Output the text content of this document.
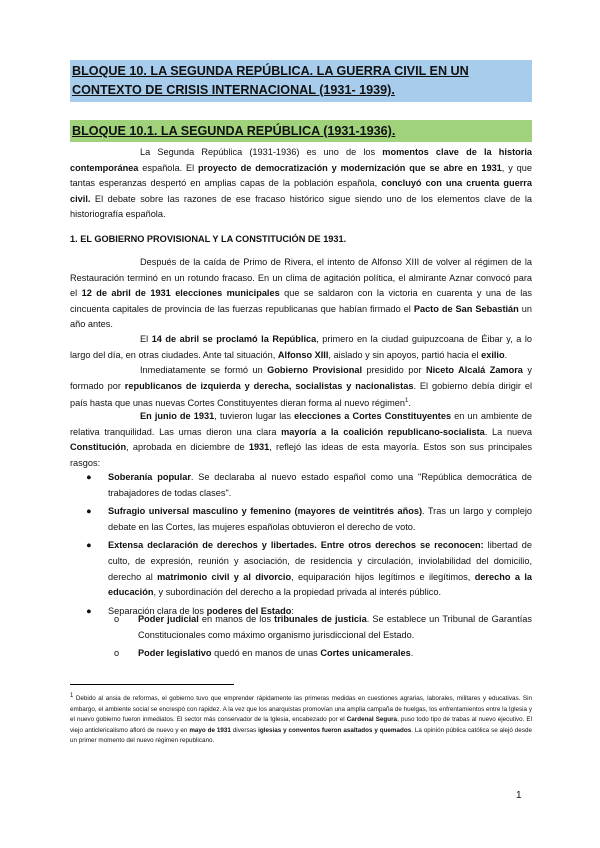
BLOQUE 10. LA SEGUNDA REPÚBLICA. LA GUERRA CIVIL EN UN CONTEXTO DE CRISIS INTERNACIONAL (1931- 1939).
BLOQUE 10.1. LA SEGUNDA REPÚBLICA (1931-1936).
La Segunda República (1931-1936) es uno de los momentos clave de la historia contemporánea española. El proyecto de democratización y modernización que se abre en 1931, y que tantas esperanzas despertó en amplias capas de la población española, concluyó con una cruenta guerra civil. El debate sobre las razones de ese fracaso histórico sigue siendo uno de los elementos clave de la historiografía española.
1. EL GOBIERNO PROVISIONAL Y LA CONSTITUCIÓN DE 1931.
Después de la caída de Primo de Rivera, el intento de Alfonso XIII de volver al régimen de la Restauración terminó en un rotundo fracaso. En un clima de agitación política, el almirante Aznar convocó para el 12 de abril de 1931 elecciones municipales que se saldaron con la victoria en cuarenta y una de las cincuenta capitales de provincia de las fuerzas republicanas que habían firmado el Pacto de San Sebastián un año antes.
El 14 de abril se proclamó la República, primero en la ciudad guipuzcoana de Éibar y, a lo largo del día, en otras ciudades. Ante tal situación, Alfonso XIII, aislado y sin apoyos, partió hacia el exilio.
Inmediatamente se formó un Gobierno Provisional presidido por Niceto Alcalá Zamora y formado por republicanos de izquierda y derecha, socialistas y nacionalistas. El gobierno debía dirigir el país hasta que unas nuevas Cortes Constituyentes dieran forma al nuevo régimen$^1$.
En junio de 1931, tuvieron lugar las elecciones a Cortes Constituyentes en un ambiente de relativa tranquilidad. Las urnas dieron una clara mayoría a la coalición republicano-socialista. La nueva Constitución, aprobada en diciembre de 1931, reflejó las ideas de esta mayoría. Estos son sus principales rasgos:
● Soberanía popular. Se declaraba al nuevo estado español como una "República democrática de trabajadores de todas clases".
● Sufragio universal masculino y femenino (mayores de veintitrés años). Tras un largo y complejo debate en las Cortes, las mujeres españolas obtuvieron el derecho de voto.
● Extensa declaración de derechos y libertades. Entre otros derechos se reconocen: libertad de culto, de expresión, reunión y asociación, de residencia y circulación, inviolabilidad del domicilio, derecho al matrimonio civil y al divorcio, equiparación hijos legítimos e ilegítimos, derecho a la educación, y subordinación del derecho a la propiedad privada al interés público.
● Separación clara de los poderes del Estado:
o Poder judicial en manos de los tribunales de justicia. Se establece un Tribunal de Garantías Constitucionales como máximo organismo jurisdiccional del Estado.
o Poder legislativo quedó en manos de unas Cortes unicamerales.
$^1$ Debido al ansia de reformas, el gobierno tuvo que emprender rápidamente las primeras medidas en cuestiones agrarias, laborales, militares y educativas. Sin embargo, el ambiente social se encrespó con rapidez. A la vez que los anarquistas promovían una amplia campaña de huelgas, los enfrentamientos entre la Iglesia y el nuevo gobierno fueron inmediatos. El sector más conservador de la Iglesia, encabezado por el Cardenal Segura, puso todo tipo de trabas al nuevo ejecutivo. El viejo anticlericalismo afloró de nuevo y en mayo de 1931 diversas iglesias y conventos fueron asaltados y quemados. La opinión pública católica se alejó desde un primer momento del nuevo régimen republicano.
1
